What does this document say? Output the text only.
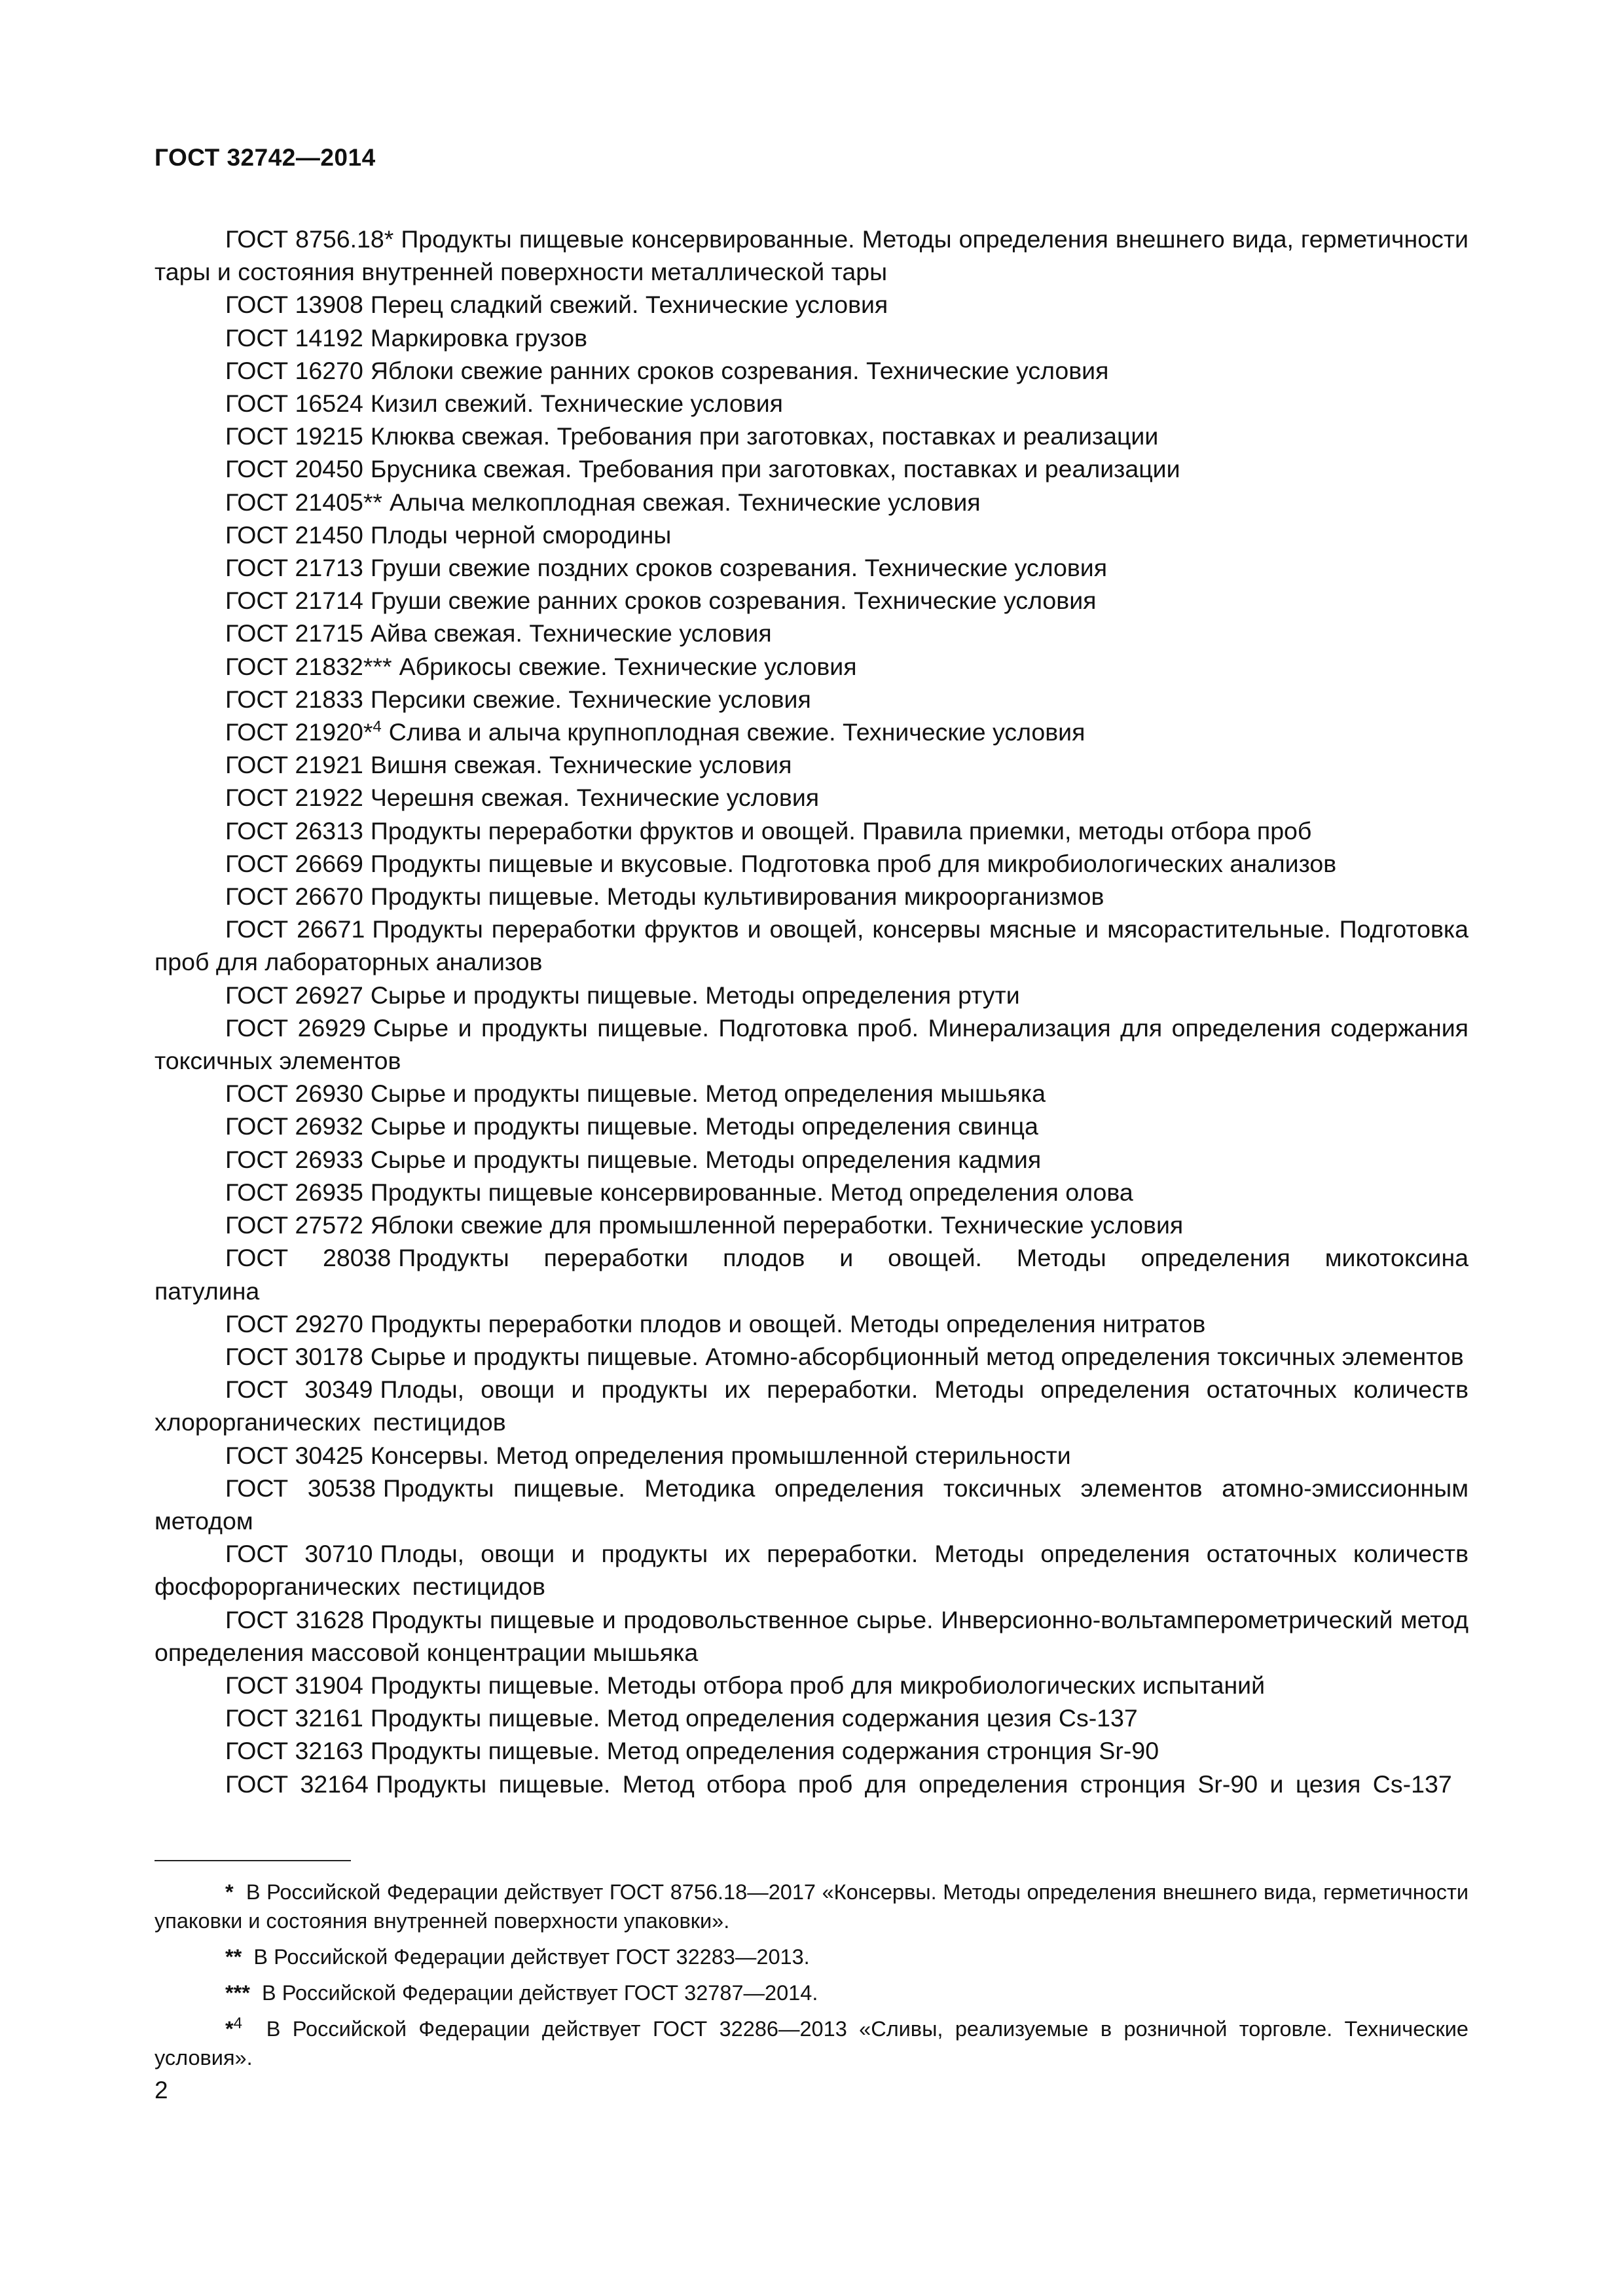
ГОСТ 32742—2014

ГОСТ 8756.18* Продукты пищевые консервированные. Методы определения внешнего вида, герметичности тары и состояния внутренней поверхности металлической тары

ГОСТ 13908 Перец сладкий свежий. Технические условия

ГОСТ 14192 Маркировка грузов

ГОСТ 16270 Яблоки свежие ранних сроков созревания. Технические условия

ГОСТ 16524 Кизил свежий. Технические условия

ГОСТ 19215 Клюква свежая. Требования при заготовках, поставках и реализации

ГОСТ 20450 Брусника свежая. Требования при заготовках, поставках и реализации

ГОСТ 21405** Алыча мелкоплодная свежая. Технические условия

ГОСТ 21450 Плоды черной смородины

ГОСТ 21713 Груши свежие поздних сроков созревания. Технические условия

ГОСТ 21714 Груши свежие ранних сроков созревания. Технические условия

ГОСТ 21715 Айва свежая. Технические условия

ГОСТ 21832*** Абрикосы свежие. Технические условия

ГОСТ 21833 Персики свежие. Технические условия

ГОСТ 21920*$^4$ Слива и алыча крупноплодная свежие. Технические условия

ГОСТ 21921 Вишня свежая. Технические условия

ГОСТ 21922 Черешня свежая. Технические условия

ГОСТ 26313 Продукты переработки фруктов и овощей. Правила приемки, методы отбора проб

ГОСТ 26669 Продукты пищевые и вкусовые. Подготовка проб для микробиологических анализов

ГОСТ 26670 Продукты пищевые. Методы культивирования микроорганизмов

ГОСТ 26671 Продукты переработки фруктов и овощей, консервы мясные и мясорастительные. Подготовка проб для лабораторных анализов

ГОСТ 26927 Сырье и продукты пищевые. Методы определения ртути

ГОСТ 26929 Сырье и продукты пищевые. Подготовка проб. Минерализация для определения содержания токсичных элементов

ГОСТ 26930 Сырье и продукты пищевые. Метод определения мышьяка

ГОСТ 26932 Сырье и продукты пищевые. Методы определения свинца

ГОСТ 26933 Сырье и продукты пищевые. Методы определения кадмия

ГОСТ 26935 Продукты пищевые консервированные. Метод определения олова

ГОСТ 27572 Яблоки свежие для промышленной переработки. Технические условия

ГОСТ 28038 Продукты переработки плодов и овощей. Методы определения микотоксина патулина

ГОСТ 29270 Продукты переработки плодов и овощей. Методы определения нитратов

ГОСТ 30178 Сырье и продукты пищевые. Атомно-абсорбционный метод определения токсичных элементов

ГОСТ 30349 Плоды, овощи и продукты их переработки. Методы определения остаточных количеств хлорорганических пестицидов

ГОСТ 30425 Консервы. Метод определения промышленной стерильности

ГОСТ 30538 Продукты пищевые. Методика определения токсичных элементов атомно-эмиссионным методом

ГОСТ 30710 Плоды, овощи и продукты их переработки. Методы определения остаточных количеств фосфорорганических пестицидов

ГОСТ 31628 Продукты пищевые и продовольственное сырье. Инверсионно-вольтамперометрический метод определения массовой концентрации мышьяка

ГОСТ 31904 Продукты пищевые. Методы отбора проб для микробиологических испытаний

ГОСТ 32161 Продукты пищевые. Метод определения содержания цезия Cs-137

ГОСТ 32163 Продукты пищевые. Метод определения содержания стронция Sr-90

ГОСТ 32164 Продукты пищевые. Метод отбора проб для определения стронция Sr-90 и цезия Cs-137

* В Российской Федерации действует ГОСТ 8756.18—2017 «Консервы. Методы определения внешнего вида, герметичности упаковки и состояния внутренней поверхности упаковки».

** В Российской Федерации действует ГОСТ 32283—2013.

*** В Российской Федерации действует ГОСТ 32787—2014.

*$^4$ В Российской Федерации действует ГОСТ 32286—2013 «Сливы, реализуемые в розничной торговле. Технические условия».

2
